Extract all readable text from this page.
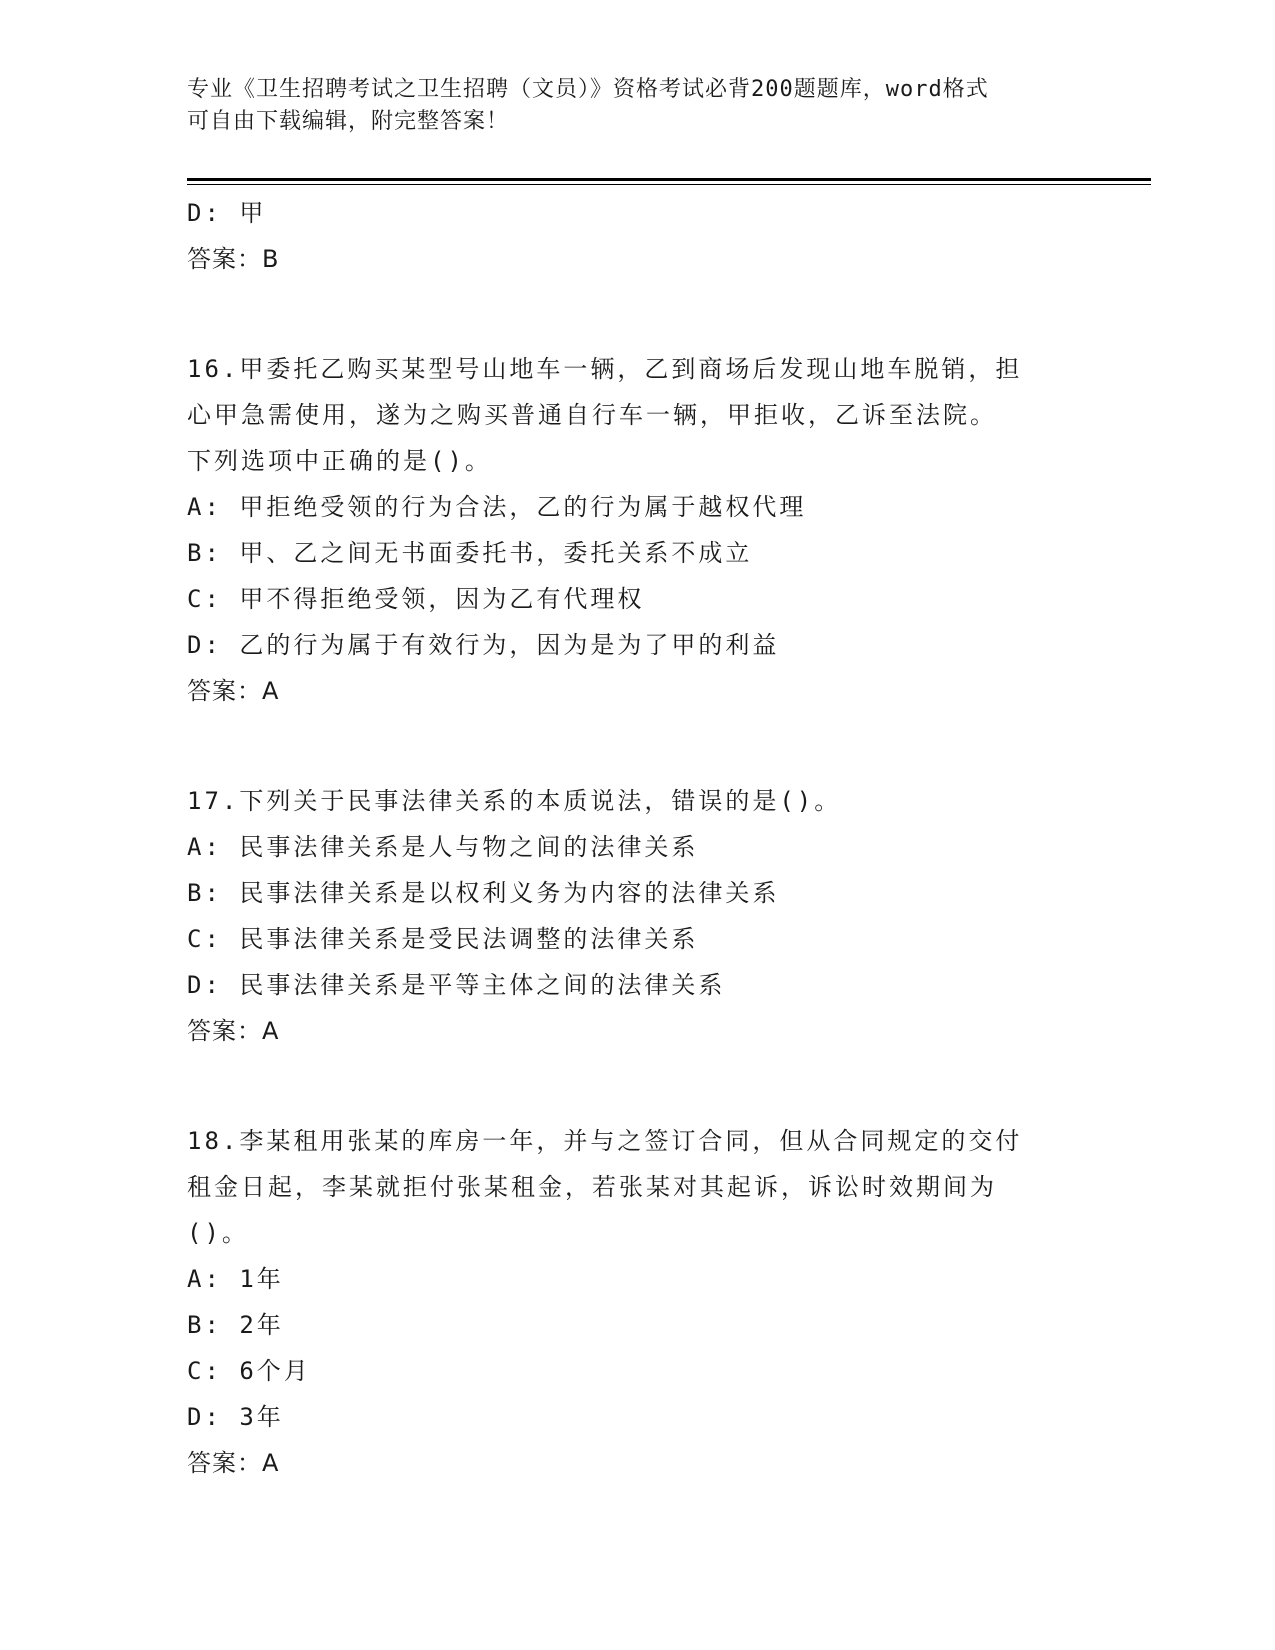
专业《卫生招聘考试之卫生招聘（文员）》资格考试必背200题题库，word格式
可自由下载编辑，附完整答案！
D: 甲
答案：B
16.甲委托乙购买某型号山地车一辆，乙到商场后发现山地车脱销，担
心甲急需使用，遂为之购买普通自行车一辆，甲拒收，乙诉至法院。
下列选项中正确的是()。
A: 甲拒绝受领的行为合法，乙的行为属于越权代理
B: 甲、乙之间无书面委托书，委托关系不成立
C: 甲不得拒绝受领，因为乙有代理权
D: 乙的行为属于有效行为，因为是为了甲的利益
答案：A
17.下列关于民事法律关系的本质说法，错误的是()。
A: 民事法律关系是人与物之间的法律关系
B: 民事法律关系是以权利义务为内容的法律关系
C: 民事法律关系是受民法调整的法律关系
D: 民事法律关系是平等主体之间的法律关系
答案：A
18.李某租用张某的库房一年，并与之签订合同，但从合同规定的交付
租金日起，李某就拒付张某租金，若张某对其起诉，诉讼时效期间为
()。
A: 1年
B: 2年
C: 6个月
D: 3年
答案：A
